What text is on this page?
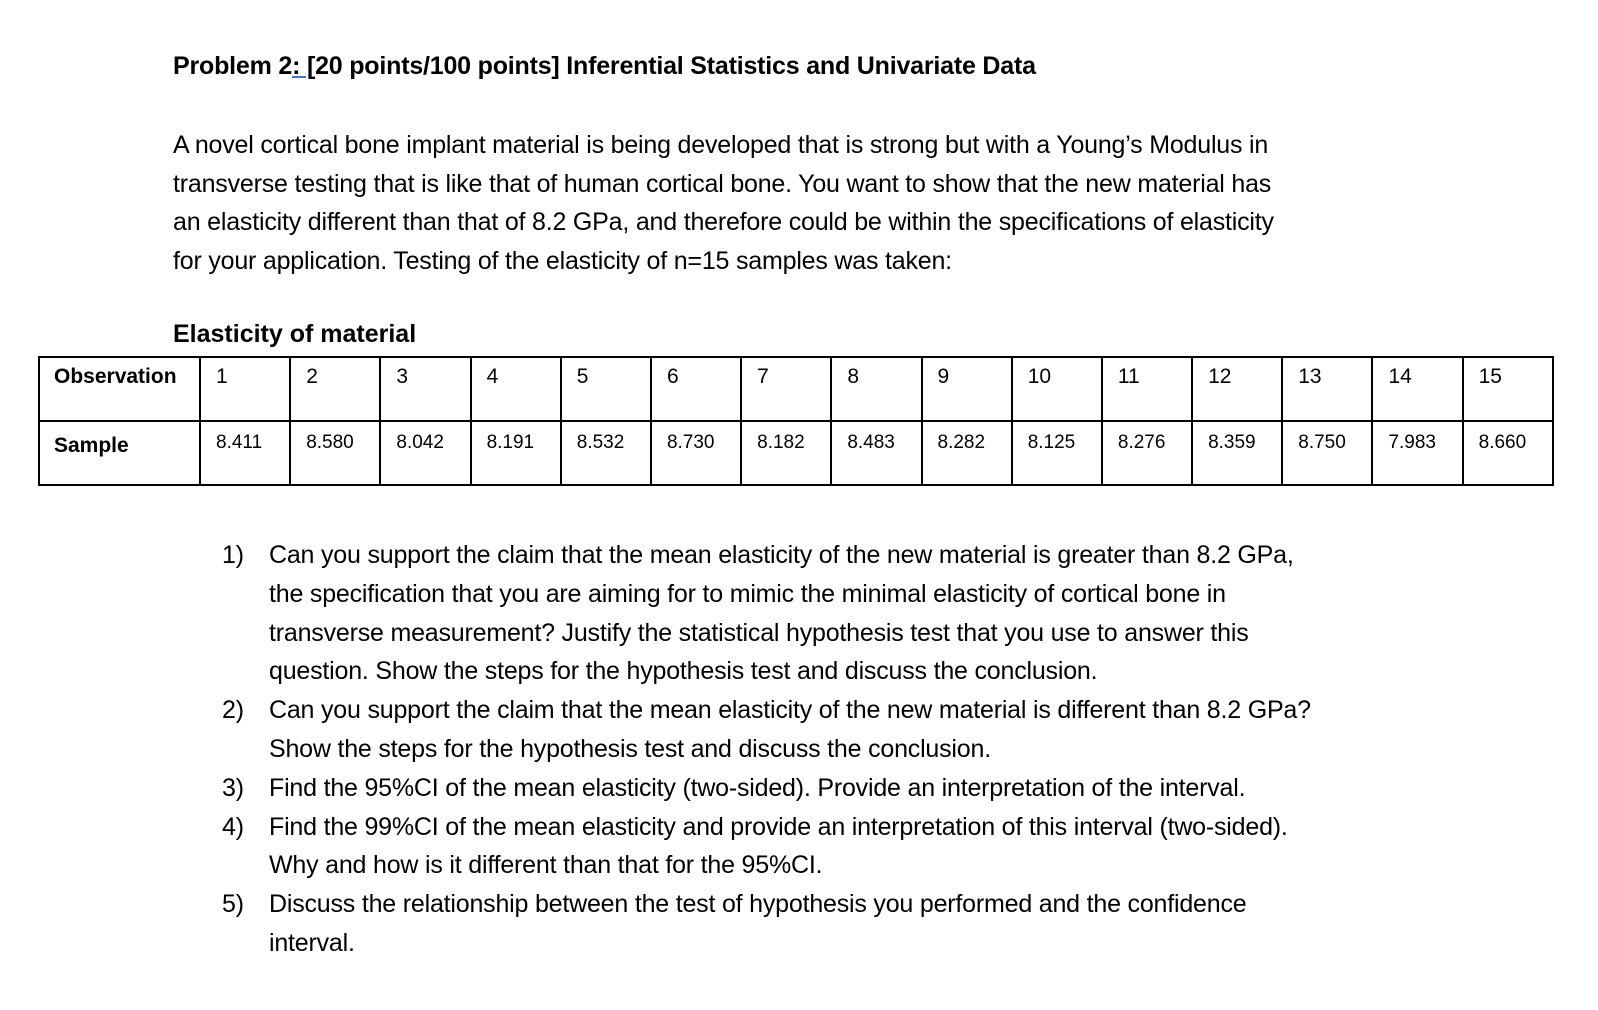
Problem 2: [20 points/100 points] Inferential Statistics and Univariate Data

A novel cortical bone implant material is being developed that is strong but with a Young’s Modulus in

transverse testing that is like that of human cortical bone. You want to show that the new material has

an elasticity different than that of 8.2 GPa, and therefore could be within the specifications of elasticity

for your application. Testing of the elasticity of n=15 samples was taken:

Elasticity of material
Observation	1	2	3	4	5	6	7	8	9	10	11	12	13	14	15
Sample	8.411	8.580	8.042	8.191	8.532	8.730	8.182	8.483	8.282	8.125	8.276	8.359	8.750	7.983	8.660
1)	Can you support the claim that the mean elasticity of the new material is greater than 8.2 GPa,
the specification that you are aiming for to mimic the minimal elasticity of cortical bone in
transverse measurement? Justify the statistical hypothesis test that you use to answer this
question. Show the steps for the hypothesis test and discuss the conclusion.
2)	Can you support the claim that the mean elasticity of the new material is different than 8.2 GPa?
Show the steps for the hypothesis test and discuss the conclusion.
3)	Find the 95%CI of the mean elasticity (two-sided). Provide an interpretation of the interval.
4)	Find the 99%CI of the mean elasticity and provide an interpretation of this interval (two-sided).
Why and how is it different than that for the 95%CI.
5)	Discuss the relationship between the test of hypothesis you performed and the confidence
interval.
